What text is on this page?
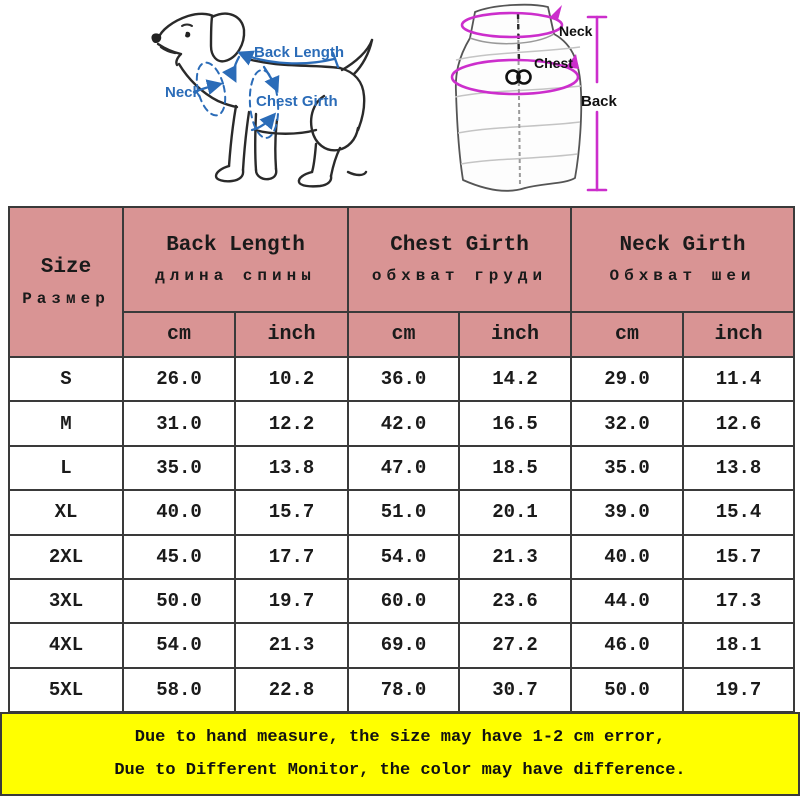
Back Length
Neck
Chest Girth
Neck
Chest
Back
Size
Размер

Back Length
длина спины

Chest Girth
обхват груди

Neck Girth
Обхват шеи

	cm	inch	cm	inch	cm	inch
S	26.0	10.2	36.0	14.2	29.0	11.4
M	31.0	12.2	42.0	16.5	32.0	12.6
L	35.0	13.8	47.0	18.5	35.0	13.8
XL	40.0	15.7	51.0	20.1	39.0	15.4
2XL	45.0	17.7	54.0	21.3	40.0	15.7
3XL	50.0	19.7	60.0	23.6	44.0	17.3
4XL	54.0	21.3	69.0	27.2	46.0	18.1
5XL	58.0	22.8	78.0	30.7	50.0	19.7
Due to hand measure, the size may have 1-2 cm error,
Due to Different Monitor, the color may have difference.
